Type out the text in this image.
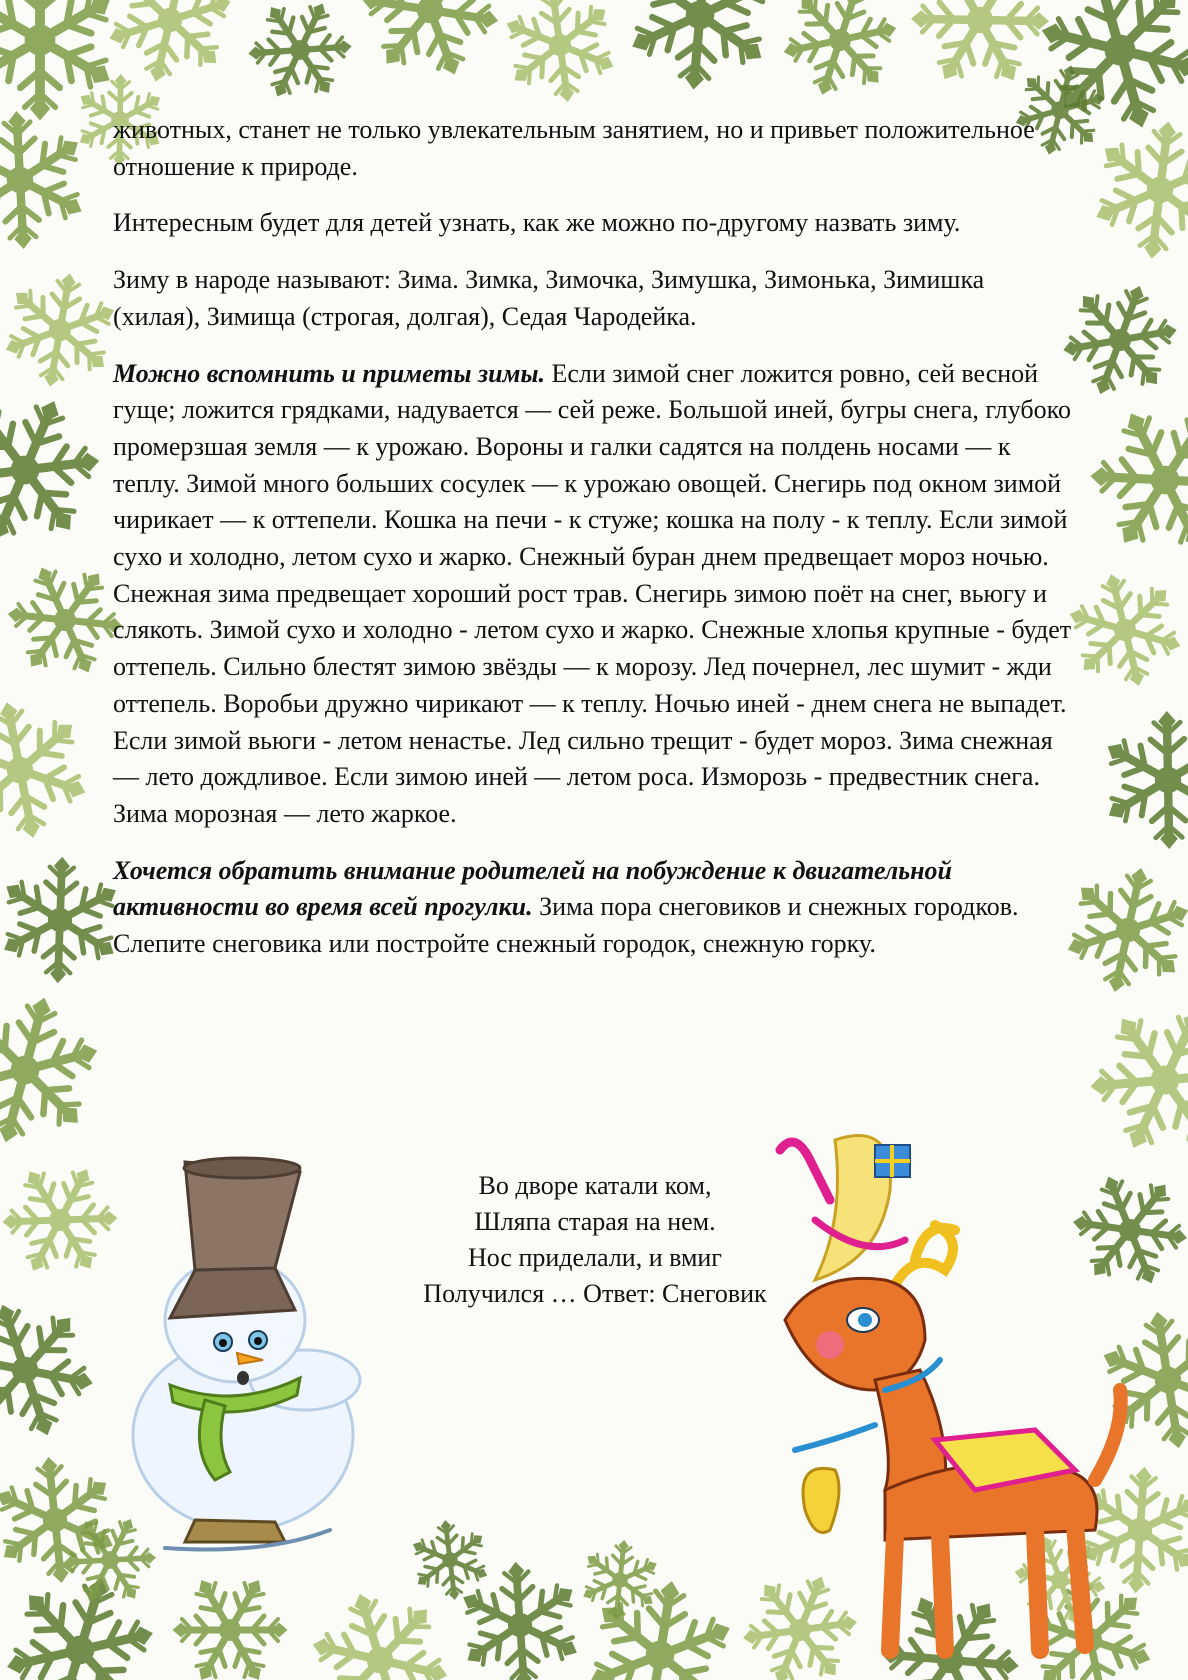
животных, станет не только увлекательным занятием, но и привьет положительное отношение к природе.

Интересным будет для детей узнать, как же можно по-другому назвать зиму.

Зиму в народе называют: Зима. Зимка, Зимочка, Зимушка, Зимонька, Зимишка (хилая), Зимища (строгая, долгая), Седая Чародейка.

Можно вспомнить и приметы зимы. Если зимой снег ложится ровно, сей весной гуще; ложится грядками, надувается — сей реже. Большой иней, бугры снега, глубоко промерзшая земля — к урожаю. Вороны и галки садятся на полдень носами — к теплу. Зимой много больших сосулек — к урожаю овощей. Снегирь под окном зимой чирикает — к оттепели. Кошка на печи - к стуже; кошка на полу - к теплу. Если зимой сухо и холодно, летом сухо и жарко. Снежный буран днем предвещает мороз ночью. Снежная зима предвещает хороший рост трав. Снегирь зимою поёт на снег, вьюгу и слякоть. Зимой сухо и холодно - летом сухо и жарко. Снежные хлопья крупные - будет оттепель. Сильно блестят зимою звёзды — к морозу. Лед почернел, лес шумит - жди оттепель. Воробьи дружно чирикают — к теплу. Ночью иней - днем снега не выпадет. Если зимой вьюги - летом ненастье. Лед сильно трещит - будет мороз. Зима снежная — лето дождливое. Если зимою иней — летом роса. Изморозь - предвестник снега. Зима морозная — лето жаркое.

Хочется обратить внимание родителей на побуждение к двигательной активности во время всей прогулки. Зима пора снеговиков и снежных городков. Слепите снеговика или постройте снежный городок, снежную горку.

Во дворе катали ком,
Шляпа старая на нем.
Нос приделали, и вмиг
Получился … Ответ: Снеговик
